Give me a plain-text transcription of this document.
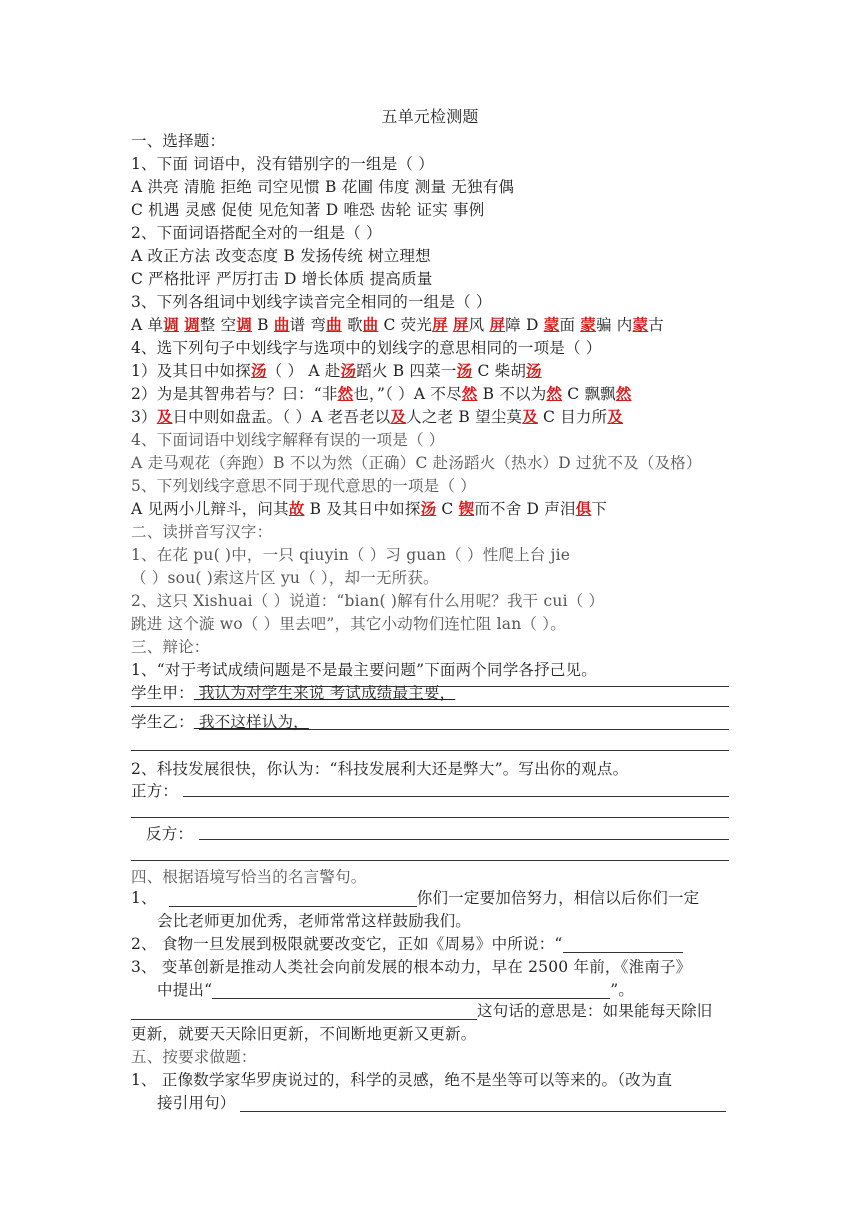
五单元检测题
一、选择题：
1、下面 词语中，没有错别字的一组是（ ）
A 洪亮 清脆 拒绝 司空见惯 B 花圃 伟度 测量 无独有偶
C 机遇 灵感 促使 见危知著 D 唯恐 齿轮 证实 事例
2、下面词语搭配全对的一组是（ ）
A 改正方法 改变态度 B 发扬传统 树立理想
C 严格批评 严厉打击 D 增长体质 提高质量
3、下列各组词中划线字读音完全相同的一组是（ ）
A 单调 调整 空调 B 曲谱 弯曲 歌曲 C 荧光屏 屏风 屏障 D 蒙面 蒙骗 内蒙古
4、选下列句子中划线字与选项中的划线字的意思相同的一项是（ ）
1）及其日中如探汤（ ） A 赴汤蹈火 B 四菜一汤 C 柴胡汤
2）为是其智弗若与？曰：“非然也，”（ ）A 不尽然 B 不以为然 C 飘飘然
3）及日中则如盘盂。（ ）A 老吾老以及人之老 B 望尘莫及 C 目力所及
4、下面词语中划线字解释有误的一项是（ ）
A 走马观花（奔跑）B 不以为然（正确）C 赴汤蹈火（热水）D 过犹不及（及格）
5、下列划线字意思不同于现代意思的一项是（ ）
A 见两小儿辩斗，问其故 B 及其日中如探汤 C 锲而不舍 D 声泪俱下
二、读拼音写汉字：
1、在花 pu( )中，一只 qiuyin（ ）习 guan（ ）性爬上台 jie
（ ）sou( )索这片区 yu（ ），却一无所获。
2、这只 Xishuai（ ）说道：“bian( )解有什么用呢？我干 cui（ ）
跳进 这个漩 wo（ ）里去吧”，其它小动物们连忙阻 lan（ ）。
三、辩论：
1、“对于考试成绩问题是不是最主要问题”下面两个同学各抒己见。
学生甲： 我认为对学生来说 考试成绩最主要，
学生乙： 我不这样认为，
2、科技发展很快，你认为：“科技发展利大还是弊大”。写出你的观点。
正方：
反方：
四、根据语境写恰当的名言警句。
1、	你们一定要加倍努力，相信以后你们一定
会比老师更加优秀，老师常常这样鼓励我们。
2、 食物一旦发展到极限就要改变它，正如《周易》中所说：“
3、 变革创新是推动人类社会向前发展的根本动力，早在 2500 年前，《淮南子》
中提出“	”。
这句话的意思是：如果能每天除旧
更新，就要天天除旧更新，不间断地更新又更新。
五、按要求做题：
1、 正像数学家华罗庚说过的，科学的灵感，绝不是坐等可以等来的。（改为直
接引用句）
